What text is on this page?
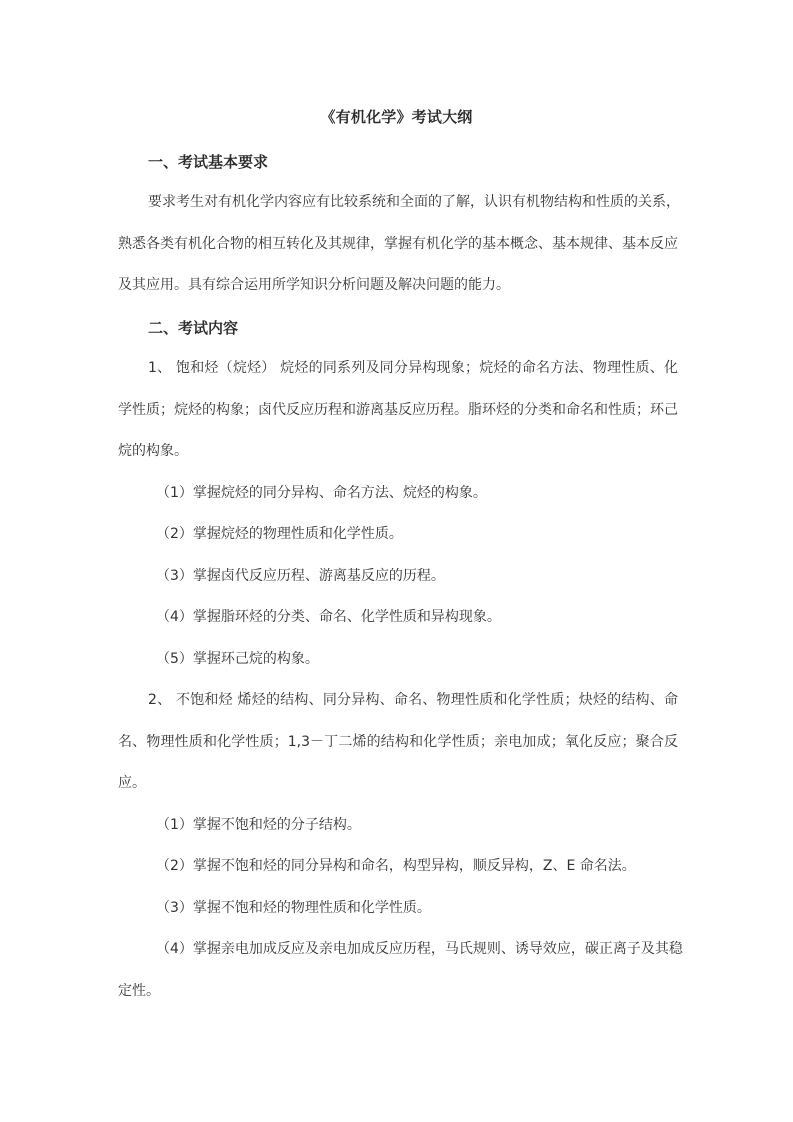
《有机化学》考试大纲
一、考试基本要求
要求考生对有机化学内容应有比较系统和全面的了解，认识有机物结构和性质的关系，
熟悉各类有机化合物的相互转化及其规律，掌握有机化学的基本概念、基本规律、基本反应
及其应用。具有综合运用所学知识分析问题及解决问题的能力。
二、考试内容
1、 饱和烃（烷烃） 烷烃的同系列及同分异构现象；烷烃的命名方法、物理性质、化
学性质；烷烃的构象；卤代反应历程和游离基反应历程。脂环烃的分类和命名和性质；环己
烷的构象。
（1）掌握烷烃的同分异构、命名方法、烷烃的构象。
（2）掌握烷烃的物理性质和化学性质。
（3）掌握卤代反应历程、游离基反应的历程。
（4）掌握脂环烃的分类、命名、化学性质和异构现象。
（5）掌握环己烷的构象。
2、 不饱和烃 烯烃的结构、同分异构、命名、物理性质和化学性质；炔烃的结构、命
名、物理性质和化学性质；1,3－丁二烯的结构和化学性质；亲电加成；氧化反应；聚合反
应。
（1）掌握不饱和烃的分子结构。
（2）掌握不饱和烃的同分异构和命名，构型异构，顺反异构，Z、E 命名法。
（3）掌握不饱和烃的物理性质和化学性质。
（4）掌握亲电加成反应及亲电加成反应历程，马氏规则、诱导效应，碳正离子及其稳
定性。
